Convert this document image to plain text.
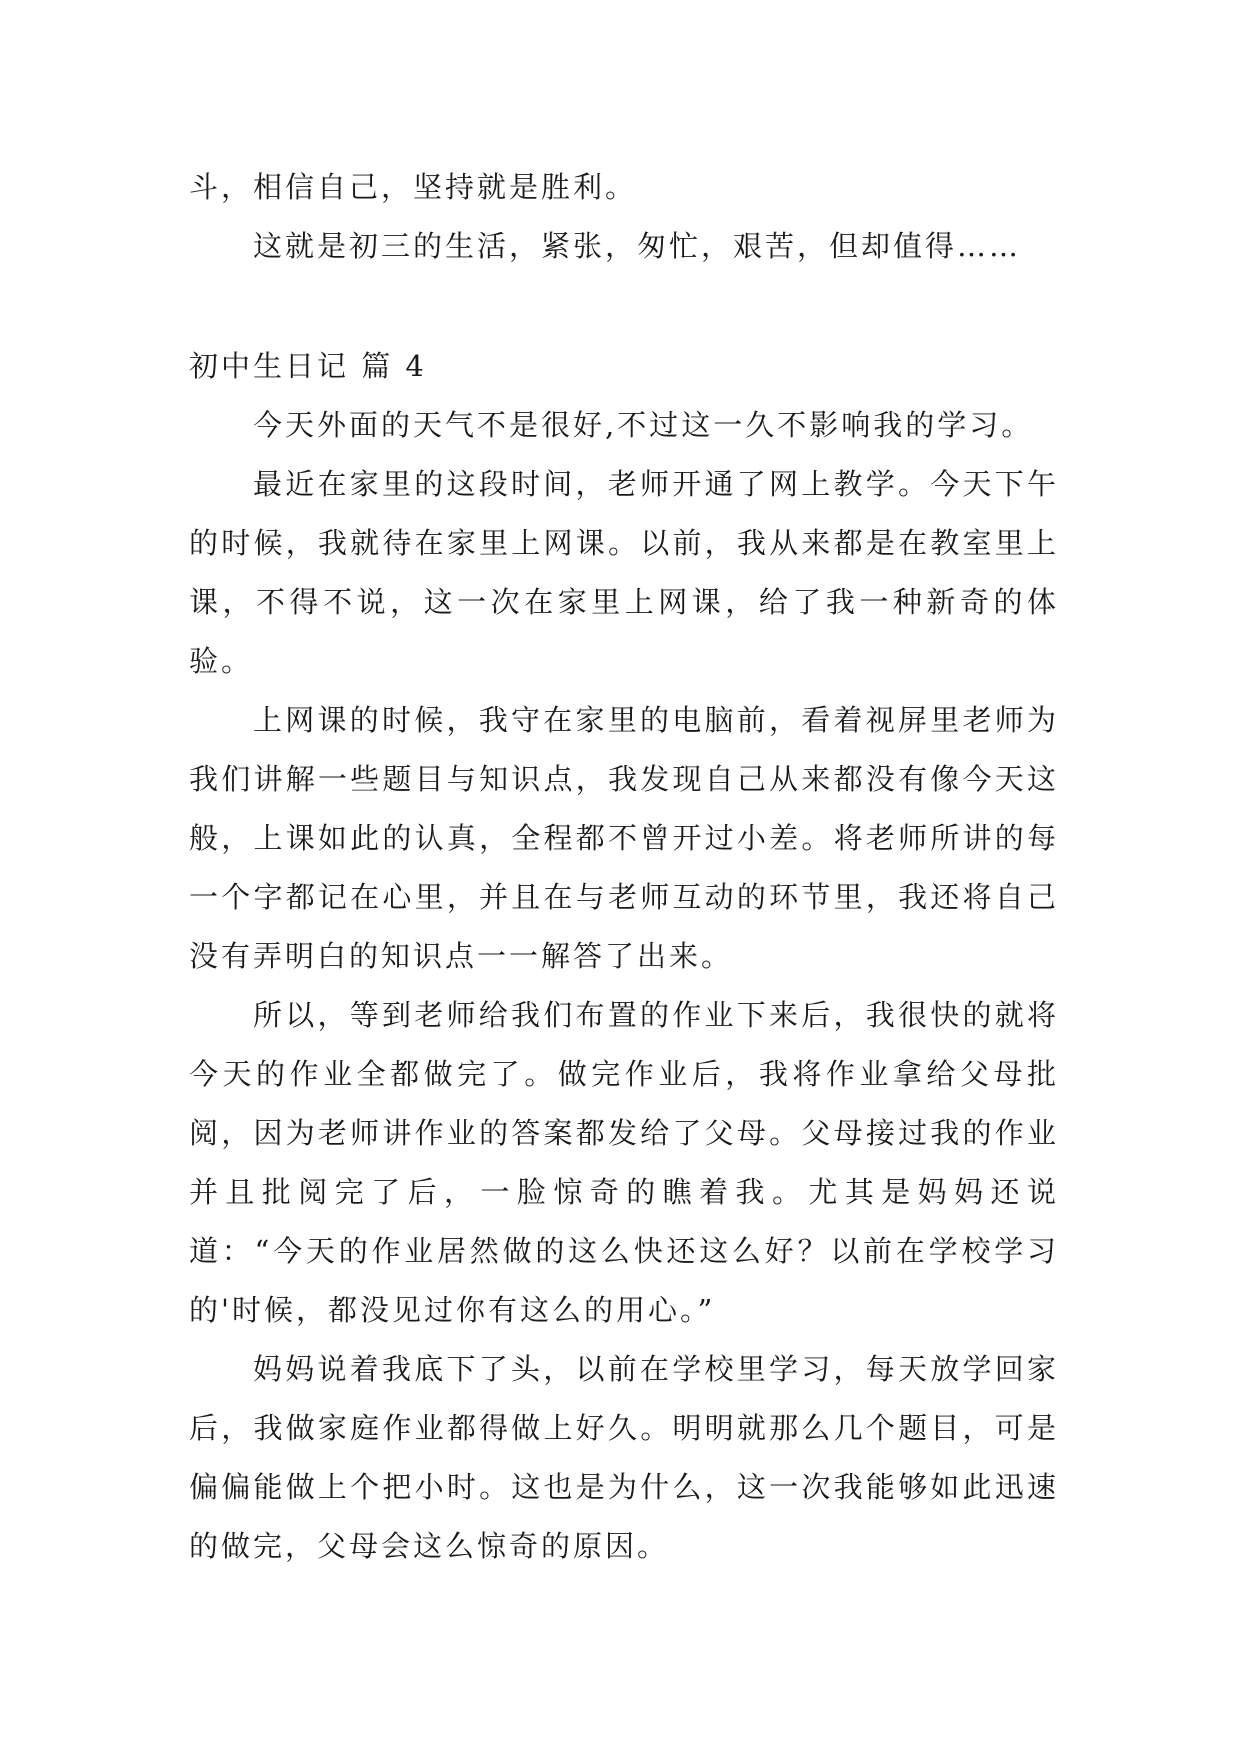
斗，相信自己，坚持就是胜利。

这就是初三的生活，紧张，匆忙，艰苦，但却值得……

初中生日记 篇 4

今天外面的天气不是很好,不过这一久不影响我的学习。

最近在家里的这段时间，老师开通了网上教学。今天下午的时候，我就待在家里上网课。以前，我从来都是在教室里上课，不得不说，这一次在家里上网课，给了我一种新奇的体验。

上网课的时候，我守在家里的电脑前，看着视屏里老师为我们讲解一些题目与知识点，我发现自己从来都没有像今天这般，上课如此的认真，全程都不曾开过小差。将老师所讲的每一个字都记在心里，并且在与老师互动的环节里，我还将自己没有弄明白的知识点一一解答了出来。

所以，等到老师给我们布置的作业下来后，我很快的就将今天的作业全都做完了。做完作业后，我将作业拿给父母批阅，因为老师讲作业的答案都发给了父母。父母接过我的作业并且批阅完了后，一脸惊奇的瞧着我。尤其是妈妈还说道：“今天的作业居然做的这么快还这么好？以前在学校学习的'时候，都没见过你有这么的用心。”

妈妈说着我底下了头，以前在学校里学习，每天放学回家后，我做家庭作业都得做上好久。明明就那么几个题目，可是偏偏能做上个把小时。这也是为什么，这一次我能够如此迅速的做完，父母会这么惊奇的原因。
